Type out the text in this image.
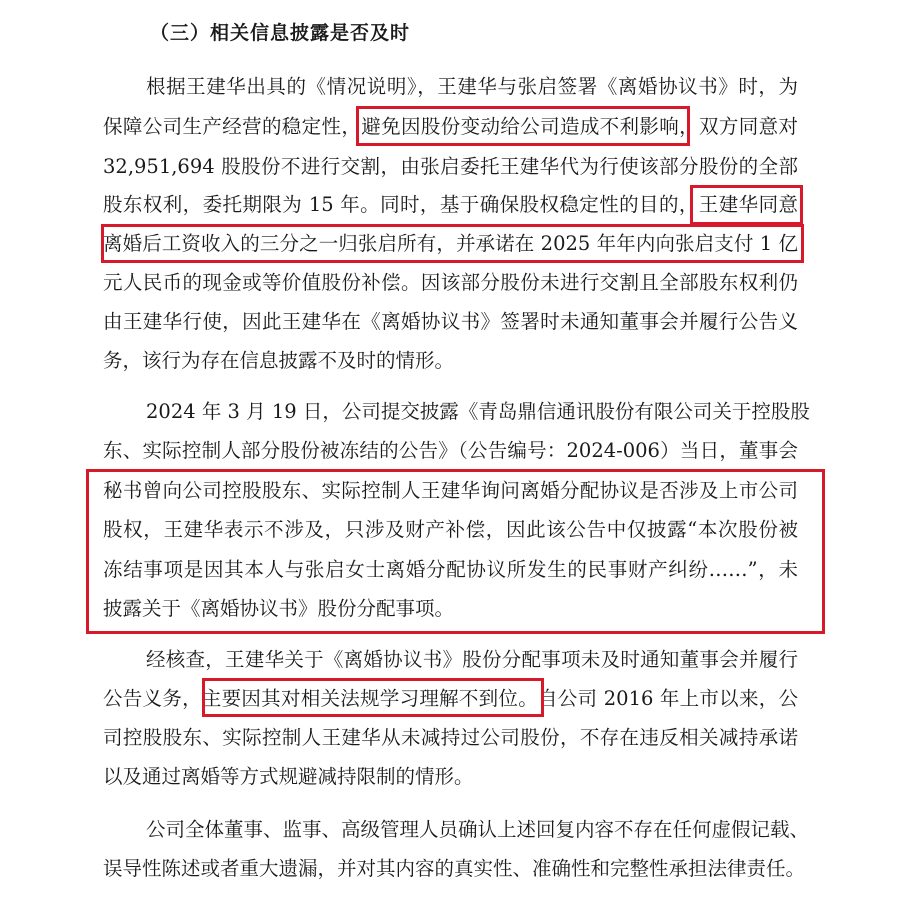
（三）相关信息披露是否及时
根据王建华出具的《情况说明》，王建华与张启签署《离婚协议书》时，为
保障公司生产经营的稳定性，避免因股份变动给公司造成不利影响，双方同意对
32,951,694 股股份不进行交割，由张启委托王建华代为行使该部分股份的全部
股东权利，委托期限为 15 年。同时，基于确保股权稳定性的目的，王建华同意
离婚后工资收入的三分之一归张启所有，并承诺在 2025 年年内向张启支付 1 亿
元人民币的现金或等价值股份补偿。因该部分股份未进行交割且全部股东权利仍
由王建华行使，因此王建华在《离婚协议书》签署时未通知董事会并履行公告义
务，该行为存在信息披露不及时的情形。
2024 年 3 月 19 日，公司提交披露《青岛鼎信通讯股份有限公司关于控股股
东、实际控制人部分股份被冻结的公告》（公告编号：2024-006）当日，董事会
秘书曾向公司控股股东、实际控制人王建华询问离婚分配协议是否涉及上市公司
股权，王建华表示不涉及，只涉及财产补偿，因此该公告中仅披露“本次股份被
冻结事项是因其本人与张启女士离婚分配协议所发生的民事财产纠纷……”，未
披露关于《离婚协议书》股份分配事项。
经核查，王建华关于《离婚协议书》股份分配事项未及时通知董事会并履行
公告义务，主要因其对相关法规学习理解不到位。自公司 2016 年上市以来，公
司控股股东、实际控制人王建华从未减持过公司股份，不存在违反相关减持承诺
以及通过离婚等方式规避减持限制的情形。
公司全体董事、监事、高级管理人员确认上述回复内容不存在任何虚假记载、
误导性陈述或者重大遗漏，并对其内容的真实性、准确性和完整性承担法律责任。
